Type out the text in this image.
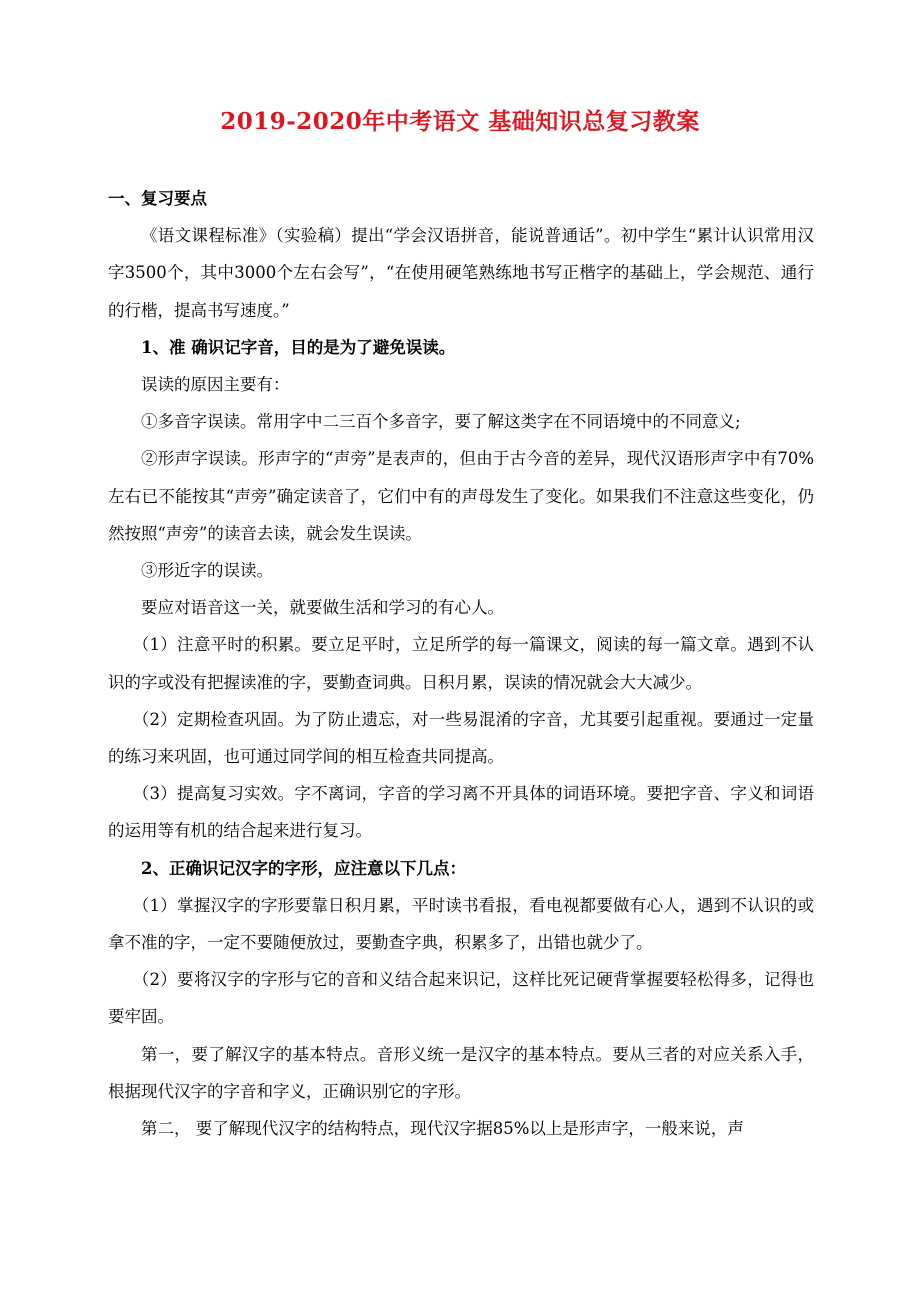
2019-2020年中考语文 基础知识总复习教案

一、复习要点

《语文课程标准》（实验稿）提出“学会汉语拼音，能说普通话”。初中学生“累计认识常用汉字3500个，其中3000个左右会写”，“在使用硬笔熟练地书写正楷字的基础上，学会规范、通行的行楷，提高书写速度。”

1、准 确识记字音，目的是为了避免误读。

误读的原因主要有：

①多音字误读。常用字中二三百个多音字，要了解这类字在不同语境中的不同意义;

②形声字误读。形声字的“声旁”是表声的，但由于古今音的差异，现代汉语形声字中有70%左右已不能按其“声旁”确定读音了，它们中有的声母发生了变化。如果我们不注意这些变化，仍然按照“声旁”的读音去读，就会发生误读。

③形近字的误读。

要应对语音这一关，就要做生活和学习的有心人。

（1）注意平时的积累。要立足平时，立足所学的每一篇课文，阅读的每一篇文章。遇到不认识的字或没有把握读准的字，要勤查词典。日积月累，误读的情况就会大大减少。

（2）定期检查巩固。为了防止遗忘，对一些易混淆的字音，尤其要引起重视。要通过一定量的练习来巩固，也可通过同学间的相互检查共同提高。

（3）提高复习实效。字不离词，字音的学习离不开具体的词语环境。要把字音、字义和词语的运用等有机的结合起来进行复习。

2、正确识记汉字的字形，应注意以下几点：

（1）掌握汉字的字形要靠日积月累，平时读书看报，看电视都要做有心人，遇到不认识的或拿不准的字，一定不要随便放过，要勤查字典，积累多了，出错也就少了。

（2）要将汉字的字形与它的音和义结合起来识记，这样比死记硬背掌握要轻松得多，记得也要牢固。

第一，要了解汉字的基本特点。音形义统一是汉字的基本特点。要从三者的对应关系入手，根据现代汉字的字音和字义，正确识别它的字形。

第二， 要了解现代汉字的结构特点，现代汉字据85%以上是形声字，一般来说，声
